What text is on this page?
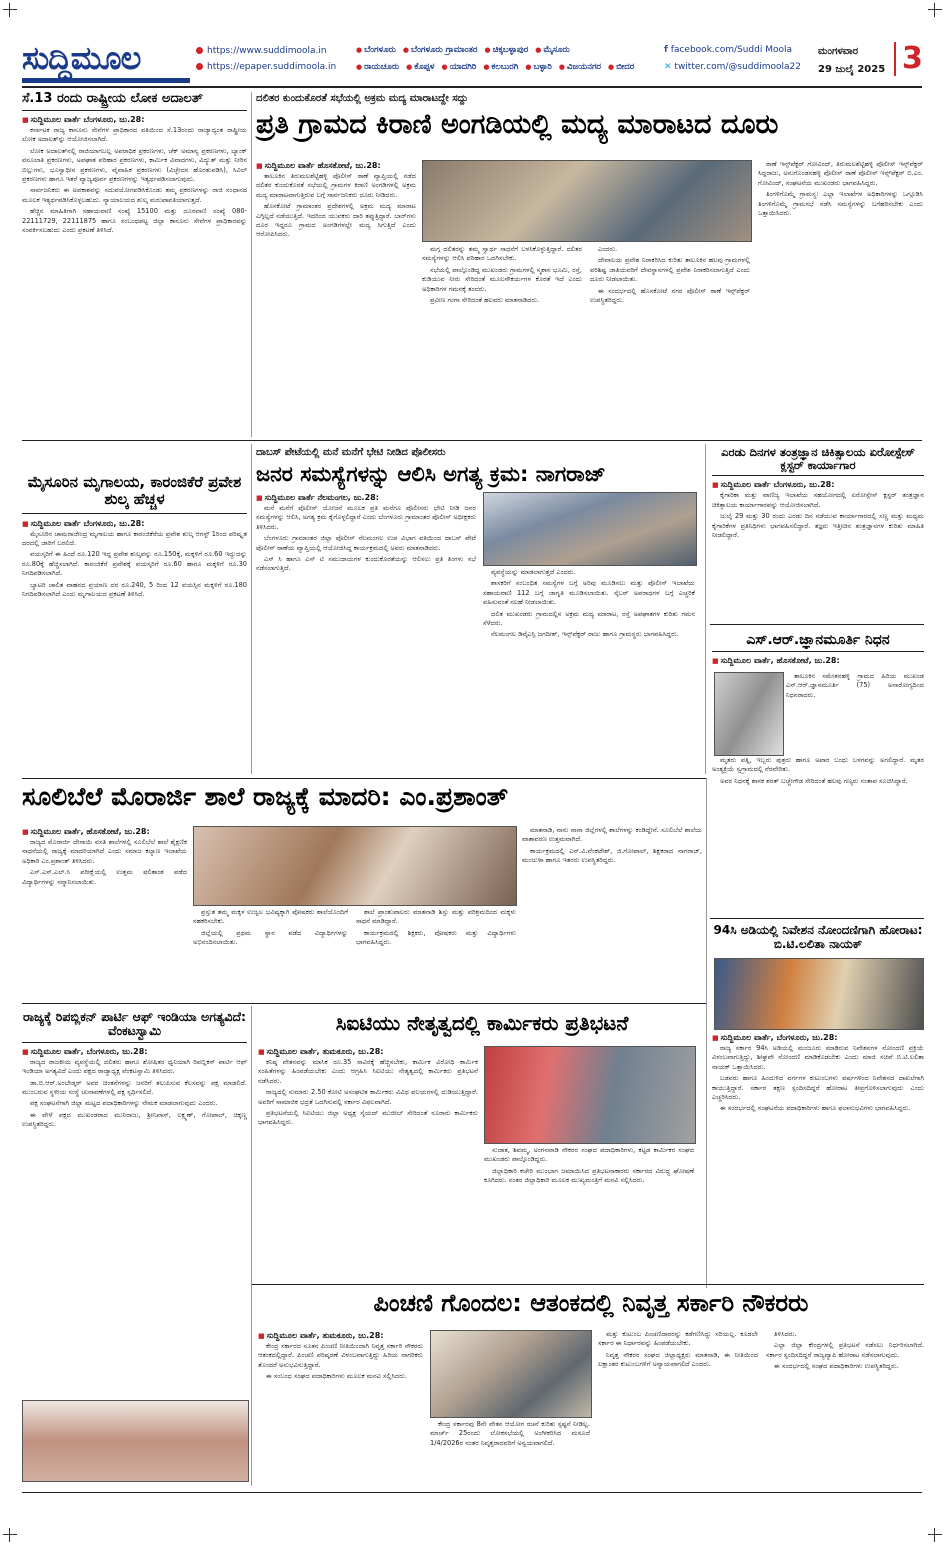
ಸುದ್ದಿಮೂಲ	https://www.suddimoola.in
https://epaper.suddimoola.in
● ಬೆಂಗಳೂರು ● ಬೆಂಗಳೂರು ಗ್ರಾಮಾಂತರ ● ಚಿಕ್ಕಬಳ್ಳಾಪುರ ● ಮೈಸೂರು
● ರಾಯಚೂರು ● ಕೊಪ್ಪಳ ● ಯಾದಗಿರಿ ● ಕಲಬುರಗಿ ● ಬಳ್ಳಾರಿ ● ವಿಜಯನಗರ ● ಬೀದರ
f facebook.com/Suddi Moola
✕ twitter.com/@suddimoola22
ಮಂಗಳವಾರ
29 ಜುಲೈ 2025 3
ಸೆ.13 ರಂದು ರಾಷ್ಟ್ರೀಯ ಲೋಕ ಅದಾಲತ್
■ ಸುದ್ದಿಮೂಲ ವಾರ್ತೆ ಬೆಂಗಳೂರು, ಜು.28:

ಕರ್ನಾಟಕ ರಾಜ್ಯ ಕಾನೂನು ಸೇವೆಗಳ ಪ್ರಾಧಿಕಾರದ ವತಿಯಿಂದ ಸೆ.13ರಂದು ರಾಜ್ಯಾದ್ಯಂತ ರಾಷ್ಟ್ರೀಯ ಲೋಕ ಅದಾಲತ್‌ನ್ನು ಆಯೋಜಿಸಲಾಗಿದೆ.

ಲೋಕ ಅದಾಲತ್‌ನಲ್ಲಿ ರಾಜಿಯಾಗಬಲ್ಲ ಅಪರಾಧಿಕ ಪ್ರಕರಣಗಳು, ಚೆಕ್ ಅಮಾನ್ಯ ಪ್ರಕರಣಗಳು, ಬ್ಯಾಂಕ್ ವಸೂಲಾತಿ ಪ್ರಕರಣಗಳು, ಅಪಘಾತ ಪರಿಹಾರ ಪ್ರಕರಣಗಳು, ಕಾರ್ಮಿಕ ವಿವಾದಗಳು, ವಿದ್ಯುತ್ ಮತ್ತು ನೀರಿನ ಬಿಲ್ಲುಗಳು, ಭೂಸ್ವಾಧೀನ ಪ್ರಕರಣಗಳು, ವೈವಾಹಿಕ ಪ್ರಕರಣಗಳು (ವಿಚ್ಛೇದನ ಹೊರತುಪಡಿಸಿ), ಸಿವಿಲ್ ಪ್ರಕರಣಗಳು ಹಾಗೂ ಇತರೆ ವ್ಯಾಜ್ಯಪೂರ್ವ ಪ್ರಕರಣಗಳನ್ನು ಇತ್ಯರ್ಥಪಡಿಸಲಾಗುವುದು.

ಸಾರ್ವಜನಿಕರು ಈ ಅವಕಾಶವನ್ನು ಸದುಪಯೋಗಪಡಿಸಿಕೊಂಡು ತಮ್ಮ ಪ್ರಕರಣಗಳನ್ನು ರಾಜಿ ಸಂಧಾನದ ಮೂಲಕ ಇತ್ಯರ್ಥಪಡಿಸಿಕೊಳ್ಳಬಹುದು. ನ್ಯಾಯಾಲಯದ ಶುಲ್ಕ ಮರುಪಾವತಿಯಾಗುತ್ತದೆ.

ಹೆಚ್ಚಿನ ಮಾಹಿತಿಗಾಗಿ ಸಹಾಯವಾಣಿ ಸಂಖ್ಯೆ 15100 ಮತ್ತು ದೂರವಾಣಿ ಸಂಖ್ಯೆ 080-22111729, 22111875 ಹಾಗೂ ಸಂಬಂಧಪಟ್ಟ ಜಿಲ್ಲಾ ಕಾನೂನು ಸೇವೆಗಳ ಪ್ರಾಧಿಕಾರವನ್ನು ಸಂಪರ್ಕಿಸಬಹುದು ಎಂದು ಪ್ರಕಟಣೆ ತಿಳಿಸಿದೆ.

ದಲಿತರ ಕುಂದುಕೊರತೆ ಸಭೆಯಲ್ಲಿ ಅಕ್ರಮ ಮದ್ಯ ಮಾರಾಟದ್ದೇ ಸದ್ದು
ಪ್ರತಿ ಗ್ರಾಮದ ಕಿರಾಣಿ ಅಂಗಡಿಯಲ್ಲಿ ಮದ್ಯ ಮಾರಾಟದ ದೂರು
■ ಸುದ್ದಿಮೂಲ ವಾರ್ತೆ ಹೊಸಕೋಟೆ, ಜು.28:

ತಾಲೂಕಿನ ತಿರುಮಲಶೆಟ್ಟಿಹಳ್ಳಿ ಪೊಲೀಸ್ ಠಾಣೆ ವ್ಯಾಪ್ತಿಯಲ್ಲಿ ನಡೆದ ದಲಿತರ ಕುಂದುಕೊರತೆ ಸಭೆಯಲ್ಲಿ ಗ್ರಾಮಗಳ ಕಿರಾಣಿ ಅಂಗಡಿಗಳಲ್ಲಿ ಅಕ್ರಮ ಮದ್ಯ ಮಾರಾಟವಾಗುತ್ತಿರುವ ಬಗ್ಗೆ ಸಾರ್ವಜನಿಕರು ದೂರು ನೀಡಿದರು.

ಹೊಸಕೋಟೆ ಗ್ರಾಮಾಂತರ ಪ್ರದೇಶಗಳಲ್ಲಿ ಅಕ್ರಮ ಮದ್ಯ ಮಾರಾಟ ಎಗ್ಗಿಲ್ಲದೆ ನಡೆಯುತ್ತಿದೆ. ಇದರಿಂದ ಯುವಕರು ದಾರಿ ತಪ್ಪುತ್ತಿದ್ದಾರೆ. ಬಾರ್‌ಗಳು ದೂರ ಇದ್ದರೂ ಗ್ರಾಮದ ಅಂಗಡಿಗಳಲ್ಲೇ ಮದ್ಯ ಸಿಗುತ್ತಿದೆ ಎಂದು ಆರೋಪಿಸಿದರು.

ಮಗ್ಗ ದಲಿತರನ್ನು ತಮ್ಮ ಸ್ವಾರ್ಥ ಸಾಧನೆಗೆ ಬಳಸಿಕೊಳ್ಳುತ್ತಿದ್ದಾರೆ. ದಲಿತರ ಸಮಸ್ಯೆಗಳನ್ನು ಆಲಿಸಿ ಪರಿಹಾರ ಒದಗಿಸಬೇಕು.

ಸಭೆಯಲ್ಲಿ ಪಾಲ್ಗೊಂಡಿದ್ದ ಮುಖಂಡರು ಗ್ರಾಮಗಳಲ್ಲಿ ಸ್ಮಶಾನ ಭೂಮಿ, ರಸ್ತೆ, ಕುಡಿಯುವ ನೀರು ಸೇರಿದಂತೆ ಮೂಲಸೌಕರ್ಯಗಳ ಕೊರತೆ ಇದೆ ಎಂದು ಅಧಿಕಾರಿಗಳ ಗಮನಕ್ಕೆ ತಂದರು.

ಪ್ರವೀಣ ಗಂಗಾ ಸೇರಿದಂತೆ ಹಲವರು ಮಾತನಾಡಿದರು.

ಎಂದರು.

ದೇವಾಲಯ ಪ್ರವೇಶ ನಿರಾಕರಿಸಿದ ಕುರಿತು ತಾಲೂಕಿನ ಹಲವು ಗ್ರಾಮಗಳಲ್ಲಿ ಪರಿಶಿಷ್ಟ ಜಾತಿಯವರಿಗೆ ದೇವಸ್ಥಾನಗಳಲ್ಲಿ ಪ್ರವೇಶ ನಿರಾಕರಿಸಲಾಗುತ್ತಿದೆ ಎಂದು ದೂರು ನೀಡಲಾಯಿತು.

ಈ ಸಂದರ್ಭದಲ್ಲಿ ಹೊಸಕೋಟೆ ನಗರ ಪೊಲೀಸ್ ಠಾಣೆ ಇನ್ಸ್‌ಪೆಕ್ಟರ್ ಉಪಸ್ಥಿತರಿದ್ದರು.

ಠಾಣೆ ಇನ್ಸ್‌ಪೆಕ್ಟರ್ ಗೋವಿಂದ್, ತಿರುಮಲಶೆಟ್ಟಿಹಳ್ಳಿ ಪೊಲೀಸ್ ಇನ್ಸ್‌ಪೆಕ್ಟರ್ ಸಿದ್ದರಾಜು, ಅನುಗೊಂಡನಹಳ್ಳಿ ಪೊಲೀಸ್ ಠಾಣೆ ಪೊಲೀಸ್ ಇನ್ಸ್‌ಪೆಕ್ಟರ್ ಬಿ.ಎಂ. ಗೋವಿಂದ್, ಸಂಘಟನೆಯ ಮುಖಂಡರು ಭಾಗವಹಿಸಿದ್ದರು.

ತಿಂಗಳಿಗೊಮ್ಮೆ ಗ್ರಾಮಸ್ಥ: ಎಲ್ಲಾ ಇಲಾಖೆಗಳ ಅಧಿಕಾರಿಗಳನ್ನು ಒಗ್ಗೂಡಿಸಿ ತಿಂಗಳಿಗೊಮ್ಮೆ ಗ್ರಾಮಸಭೆ ನಡೆಸಿ ಸಮಸ್ಯೆಗಳನ್ನು ಬಗೆಹರಿಸಬೇಕು ಎಂದು ಒತ್ತಾಯಿಸಿದರು.

ಮೈಸೂರಿನ ಮೃಗಾಲಯ, ಕಾರಂಜಿಕೆರೆ ಪ್ರವೇಶ ಶುಲ್ಕ ಹೆಚ್ಚಳ
■ ಸುದ್ದಿಮೂಲ ವಾರ್ತೆ ಬೆಂಗಳೂರು, ಜು.28:

ಮೈಸೂರಿನ ಚಾಮರಾಜೇಂದ್ರ ಮೃಗಾಲಯ ಹಾಗೂ ಕಾರಂಜಿಕೆರೆಯ ಪ್ರವೇಶ ಶುಲ್ಕ ಆಗಸ್ಟ್ 1ರಿಂದ ಪರಿಷ್ಕೃತ ದರದಲ್ಲಿ ಜಾರಿಗೆ ಬರಲಿದೆ.

ವಯಸ್ಕರಿಗೆ ಈ ಹಿಂದೆ ರೂ.120 ಇದ್ದ ಪ್ರವೇಶ ಶುಲ್ಕವನ್ನು ರೂ.150ಕ್ಕೆ, ಮಕ್ಕಳಿಗೆ ರೂ.60 ಇದ್ದುದನ್ನು ರೂ.80ಕ್ಕೆ ಹೆಚ್ಚಿಸಲಾಗಿದೆ. ಕಾರಂಜಿಕೆರೆ ಪ್ರವೇಶಕ್ಕೆ ವಯಸ್ಕರಿಗೆ ರೂ.60 ಹಾಗೂ ಮಕ್ಕಳಿಗೆ ರೂ.30 ನಿಗದಿಪಡಿಸಲಾಗಿದೆ.

ಬ್ಯಾಟರಿ ಚಾಲಿತ ವಾಹನದ ಪ್ರಯಾಣ ದರ ರೂ.240, 5 ರಿಂದ 12 ವಯಸ್ಸಿನ ಮಕ್ಕಳಿಗೆ ರೂ.180 ನಿಗದಿಪಡಿಸಲಾಗಿದೆ ಎಂದು ಮೃಗಾಲಯದ ಪ್ರಕಟಣೆ ತಿಳಿಸಿದೆ.

ದಾಬಸ್ ಪೇಟೆಯಲ್ಲಿ ಮನೆ ಮನೆಗೆ ಭೇಟಿ ನೀಡಿದ ಪೊಲೀಸರು
ಜನರ ಸಮಸ್ಯೆಗಳನ್ನು ಆಲಿಸಿ ಅಗತ್ಯ ಕ್ರಮ: ನಾಗರಾಜ್
■ ಸುದ್ದಿಮೂಲ ವಾರ್ತೆ ನೆಲಮಂಗಲ, ಜು.28:

ಮನೆ ಮನೆಗೆ ಪೊಲೀಸ್ ಯೋಜನೆ ಮೂಲಕ ಪ್ರತಿ ಮನೆಗೂ ಪೊಲೀಸರು ಭೇಟಿ ನೀಡಿ ಜನರ ಸಮಸ್ಯೆಗಳನ್ನು ಆಲಿಸಿ, ಅಗತ್ಯ ಕ್ರಮ ಕೈಗೊಳ್ಳಲಿದ್ದಾರೆ ಎಂದು ಬೆಂಗಳೂರು ಗ್ರಾಮಾಂತರ ಪೊಲೀಸ್ ಅಧೀಕ್ಷಕರು ತಿಳಿಸಿದರು.

ಬೆಂಗಳೂರು ಗ್ರಾಮಾಂತರ ಜಿಲ್ಲಾ ಪೊಲೀಸ್ ನೆಲಮಂಗಲ ಉಪ ವಿಭಾಗ ವತಿಯಿಂದ ದಾಬಸ್ ಪೇಟೆ ಪೊಲೀಸ್ ಠಾಣೆಯ ವ್ಯಾಪ್ತಿಯಲ್ಲಿ ಆಯೋಜಿಸಿದ್ದ ಕಾರ್ಯಕ್ರಮದಲ್ಲಿ ಅವರು ಮಾತನಾಡಿದರು.

ಎಸ್ ಸಿ ಹಾಗೂ ಎಸ್ ಟಿ ಸಮುದಾಯಗಳ ಕುಂದುಕೊರತೆಯನ್ನು ಆಲಿಸಲು ಪ್ರತಿ ತಿಂಗಳು ಸಭೆ ನಡೆಸಲಾಗುತ್ತಿದೆ.	ವ್ಯವಸ್ಥೆಯನ್ನು ಮಾಡಲಾಗುತ್ತದೆ ಎಂದರು.

ಶಾಸಕರಿಗೆ ಸಂಬಂಧಿತ ಸಮಸ್ಯೆಗಳ ಬಗ್ಗೆ ಅರಿವು ಮೂಡಿಸಲು ಮತ್ತು ಪೊಲೀಸ್ ಇಲಾಖೆಯ ಸಹಾಯವಾಣಿ 112 ಬಗ್ಗೆ ಜಾಗೃತಿ ಮೂಡಿಸಲಾಯಿತು. ಸೈಬರ್ ಅಪರಾಧಗಳ ಬಗ್ಗೆ ಎಚ್ಚರಿಕೆ ವಹಿಸುವಂತೆ ಸಲಹೆ ನೀಡಲಾಯಿತು.

ದಲಿತ ಮುಖಂಡರು ಗ್ರಾಮದಲ್ಲಿನ ಅಕ್ರಮ ಮದ್ಯ ಮಾರಾಟ, ರಸ್ತೆ ಅಪಘಾತಗಳ ಕುರಿತು ಗಮನ ಸೆಳೆದರು.

ನೆಲಮಂಗಲ ಡಿವೈಎಸ್ಪಿ ಜಗದೀಶ್, ಇನ್ಸ್‌ಪೆಕ್ಟರ್ ರಾಜು ಹಾಗೂ ಗ್ರಾಮಸ್ಥರು ಭಾಗವಹಿಸಿದ್ದರು.

ಎರಡು ದಿನಗಳ ತಂತ್ರಜ್ಞಾನ ಚಿಕಿತ್ಸಾಲಯ ಏರೋಸ್ಪೇಸ್ ಕ್ಲಸ್ಟರ್ ಕಾರ್ಯಾಗಾರ
■ ಸುದ್ದಿಮೂಲ ವಾರ್ತೆ ಬೆಂಗಳೂರು, ಜು.28:

ಕೈಗಾರಿಕಾ ಮತ್ತು ವಾಣಿಜ್ಯ ಇಲಾಖೆಯ ಸಹಯೋಗದಲ್ಲಿ ಏರೋಸ್ಪೇಸ್ ಕ್ಲಸ್ಟರ್ ತಂತ್ರಜ್ಞಾನ ಚಿಕಿತ್ಸಾಲಯ ಕಾರ್ಯಾಗಾರವನ್ನು ಆಯೋಜಿಸಲಾಗಿದೆ.

ಜುಲೈ 29 ಮತ್ತು 30 ರಂದು ಎರಡು ದಿನ ನಡೆಯುವ ಕಾರ್ಯಾಗಾರದಲ್ಲಿ ಸಣ್ಣ ಮತ್ತು ಮಧ್ಯಮ ಕೈಗಾರಿಕೆಗಳ ಪ್ರತಿನಿಧಿಗಳು ಭಾಗವಹಿಸಲಿದ್ದಾರೆ. ತಜ್ಞರು ಇತ್ತೀಚಿನ ತಂತ್ರಜ್ಞಾನಗಳ ಕುರಿತು ಮಾಹಿತಿ ನೀಡಲಿದ್ದಾರೆ.

ಎಸ್.ಆರ್.ಜ್ಞಾನಮೂರ್ತಿ ನಿಧನ
■ ಸುದ್ದಿಮೂಲ ವಾರ್ತೆ, ಹೊಸಕೋಟೆ, ಜು.28:

ತಾಲೂಕಿನ ಸಮೇತನಹಳ್ಳಿ ಗ್ರಾಮದ ಹಿರಿಯ ಮುಖಂಡ ಎಸ್.ಆರ್.ಜ್ಞಾನಮೂರ್ತಿ (75) ಅನಾರೋಗ್ಯದಿಂದ ನಿಧನರಾದರು.

ಮೃತರು ಪತ್ನಿ, ಇಬ್ಬರು ಪುತ್ರರು ಹಾಗೂ ಅಪಾರ ಬಂಧು ಬಳಗವನ್ನು ಅಗಲಿದ್ದಾರೆ. ಮೃತರ ಅಂತ್ಯಕ್ರಿಯೆ ಸ್ವಗ್ರಾಮದಲ್ಲಿ ನೆರವೇರಿತು.

ಅವರ ನಿಧನಕ್ಕೆ ಶಾಸಕ ಶರತ್ ಬಚ್ಚೇಗೌಡ ಸೇರಿದಂತೆ ಹಲವು ಗಣ್ಯರು ಸಂತಾಪ ಸೂಚಿಸಿದ್ದಾರೆ.

ಸೂಲಿಬೆಲೆ ಮೊರಾರ್ಜಿ ಶಾಲೆ ರಾಜ್ಯಕ್ಕೆ ಮಾದರಿ: ಎಂ.ಪ್ರಶಾಂತ್
■ ಸುದ್ದಿಮೂಲ ವಾರ್ತೆ, ಹೊಸಕೋಟೆ, ಜು.28:

ರಾಜ್ಯದ ಮೊರಾರ್ಜಿ ದೇಸಾಯಿ ವಸತಿ ಶಾಲೆಗಳಲ್ಲಿ ಸೂಲಿಬೆಲೆ ಶಾಲೆ ಶೈಕ್ಷಣಿಕ ಸಾಧನೆಯಲ್ಲಿ ರಾಜ್ಯಕ್ಕೆ ಮಾದರಿಯಾಗಿದೆ ಎಂದು ಸಮಾಜ ಕಲ್ಯಾಣ ಇಲಾಖೆಯ ಅಧಿಕಾರಿ ಎಂ.ಪ್ರಶಾಂತ್ ತಿಳಿಸಿದರು.

ಎಸ್.ಎಸ್.ಎಲ್.ಸಿ ಪರೀಕ್ಷೆಯಲ್ಲಿ ಉತ್ತಮ ಫಲಿತಾಂಶ ಪಡೆದ ವಿದ್ಯಾರ್ಥಿಗಳನ್ನು ಸನ್ಮಾನಿಸಲಾಯಿತು.

ಪ್ರಸ್ತುತ ತಮ್ಮ ಮಕ್ಕಳ ಉಜ್ವಲ ಭವಿಷ್ಯಕ್ಕಾಗಿ ಪೋಷಕರು ಶಾಲೆಯೊಂದಿಗೆ ಸಹಕರಿಸಬೇಕು.

ಜಿಲ್ಲೆಯಲ್ಲಿ ಪ್ರಥಮ ಸ್ಥಾನ ಪಡೆದ ವಿದ್ಯಾರ್ಥಿಗಳನ್ನು ಅಭಿನಂದಿಸಲಾಯಿತು.

ಶಾಲೆ ಪ್ರಾಂಶುಪಾಲರು ಮಾತನಾಡಿ ಶಿಸ್ತು ಮತ್ತು ಪರಿಶ್ರಮದಿಂದ ಮಕ್ಕಳು ಸಾಧನೆ ಮಾಡಿದ್ದಾರೆ.

ಕಾರ್ಯಕ್ರಮದಲ್ಲಿ ಶಿಕ್ಷಕರು, ಪೋಷಕರು ಮತ್ತು ವಿದ್ಯಾರ್ಥಿಗಳು ಭಾಗವಹಿಸಿದ್ದರು.

ಮಾತನಾಡಿ, ನಾನು ನಾನಾ ಜಿಲ್ಲೆಗಳಲ್ಲಿ ಶಾಲೆಗಳನ್ನು ಕಂಡಿದ್ದೇನೆ. ಸೂಲಿಬೆಲೆ ಶಾಲೆಯ ವಾತಾವರಣ ಉತ್ತಮವಾಗಿದೆ.

ಕಾರ್ಯಕ್ರಮದಲ್ಲಿ ಎಸ್.ವಿ.ವೆಂಕಟೇಶ್, ಜಿ.ಗೋಪಾಲ್, ಶಿಕ್ಷಕರಾದ ನಾಗರಾಜ್, ಮಂಜುಳಾ ಹಾಗೂ ಇತರರು ಉಪಸ್ಥಿತರಿದ್ದರು.

94ಸಿ ಅಡಿಯಲ್ಲಿ ನಿವೇಶನ ನೋಂದಣಿಗಾಗಿ ಹೋರಾಟ: ಬಿ.ಟಿ.ಲಲಿತಾ ನಾಯಕ್
■ ಸುದ್ದಿಮೂಲ ವಾರ್ತೆ, ಬೆಂಗಳೂರು, ಜು.28:

ರಾಜ್ಯ ಸರ್ಕಾರ 94ಸಿ ಅಡಿಯಲ್ಲಿ ಮಂಜೂರು ಮಾಡಿರುವ ನಿವೇಶನಗಳ ನೋಂದಣಿ ಪ್ರಕ್ರಿಯೆ ವಿಳಂಬವಾಗುತ್ತಿದ್ದು, ಶೀಘ್ರವೇ ನೋಂದಣಿ ಮಾಡಿಕೊಡಬೇಕು ಎಂದು ಮಾಜಿ ಸಚಿವೆ ಬಿ.ಟಿ.ಲಲಿತಾ ನಾಯಕ್ ಒತ್ತಾಯಿಸಿದರು.

ಬಡವರು ಹಾಗೂ ಹಿಂದುಳಿದ ವರ್ಗಗಳ ಕುಟುಂಬಗಳು ವರ್ಷಗಳಿಂದ ನಿವೇಶನದ ದಾಖಲೆಗಾಗಿ ಕಾಯುತ್ತಿದ್ದಾರೆ. ಸರ್ಕಾರ ತಕ್ಷಣ ಸ್ಪಂದಿಸದಿದ್ದರೆ ಹೋರಾಟ ತೀವ್ರಗೊಳಿಸಲಾಗುವುದು ಎಂದು ಎಚ್ಚರಿಸಿದರು.

ಈ ಸಂದರ್ಭದಲ್ಲಿ ಸಂಘಟನೆಯ ಪದಾಧಿಕಾರಿಗಳು ಹಾಗೂ ಫಲಾನುಭವಿಗಳು ಭಾಗವಹಿಸಿದ್ದರು.

ರಾಜ್ಯಕ್ಕೆ ರಿಪಬ್ಲಿಕನ್ ಪಾರ್ಟಿ ಆಫ್ ಇಂಡಿಯಾ ಅಗತ್ಯವಿದೆ: ವೆಂಕಟಸ್ವಾಮಿ
■ ಸುದ್ದಿಮೂಲ ವಾರ್ತೆ, ಬೆಂಗಳೂರು, ಜು.28:

ರಾಜ್ಯದ ರಾಜಕೀಯ ವ್ಯವಸ್ಥೆಯಲ್ಲಿ ದಲಿತರು ಹಾಗೂ ಶೋಷಿತರ ಧ್ವನಿಯಾಗಿ ರಿಪಬ್ಲಿಕನ್ ಪಾರ್ಟಿ ಆಫ್ ಇಂಡಿಯಾ ಅಗತ್ಯವಿದೆ ಎಂದು ಪಕ್ಷದ ರಾಜ್ಯಾಧ್ಯಕ್ಷ ವೆಂಕಟಸ್ವಾಮಿ ತಿಳಿಸಿದರು.

ಡಾ.ಬಿ.ಆರ್.ಅಂಬೇಡ್ಕರ್ ಅವರ ಚಿಂತನೆಗಳನ್ನು ಜನರಿಗೆ ತಲುಪಿಸುವ ಕೆಲಸವನ್ನು ಪಕ್ಷ ಮಾಡಲಿದೆ. ಮುಂಬರುವ ಸ್ಥಳೀಯ ಸಂಸ್ಥೆ ಚುನಾವಣೆಗಳಲ್ಲಿ ಪಕ್ಷ ಸ್ಪರ್ಧಿಸಲಿದೆ.

ಪಕ್ಷ ಸಂಘಟನೆಗಾಗಿ ಜಿಲ್ಲಾ ಮಟ್ಟದ ಪದಾಧಿಕಾರಿಗಳನ್ನು ನೇಮಕ ಮಾಡಲಾಗುವುದು ಎಂದರು.

ಈ ವೇಳೆ ಪಕ್ಷದ ಮುಖಂಡರಾದ ಮುನಿರಾಜು, ಶ್ರೀನಿವಾಸ್, ಲಕ್ಷ್ಮಣ್, ಗೋಪಾಲ್, ಚಿಕ್ಕಣ್ಣ ಉಪಸ್ಥಿತರಿದ್ದರು.

ಸಿಐಟಿಯು ನೇತೃತ್ವದಲ್ಲಿ ಕಾರ್ಮಿಕರು ಪ್ರತಿಭಟನೆ
■ ಸುದ್ದಿಮೂಲ ವಾರ್ತೆ, ತುಮಕೂರು, ಜು.28:

ಕನಿಷ್ಠ ವೇತನವನ್ನು ಮಾಸಿಕ ರೂ.35 ಸಾವಿರಕ್ಕೆ ಹೆಚ್ಚಿಸಬೇಕು, ಕಾರ್ಮಿಕ ವಿರೋಧಿ ಕಾರ್ಮಿಕ ಸಂಹಿತೆಗಳನ್ನು ಹಿಂಪಡೆಯಬೇಕು ಎಂದು ಆಗ್ರಹಿಸಿ ಸಿಐಟಿಯು ನೇತೃತ್ವದಲ್ಲಿ ಕಾರ್ಮಿಕರು ಪ್ರತಿಭಟನೆ ನಡೆಸಿದರು.

ರಾಜ್ಯದಲ್ಲಿ ಸುಮಾರು 2.50 ಕೋಟಿ ಅಸಂಘಟಿತ ಕಾರ್ಮಿಕರು ವಿವಿಧ ವಲಯಗಳಲ್ಲಿ ದುಡಿಯುತ್ತಿದ್ದಾರೆ. ಅವರಿಗೆ ಸಾಮಾಜಿಕ ಭದ್ರತೆ ಒದಗಿಸುವಲ್ಲಿ ಸರ್ಕಾರ ವಿಫಲವಾಗಿದೆ.

ಪ್ರತಿಭಟನೆಯಲ್ಲಿ ಸಿಐಟಿಯು ಜಿಲ್ಲಾ ಅಧ್ಯಕ್ಷ ಸೈಯದ್ ಮುಜೀಬ್ ಸೇರಿದಂತೆ ನೂರಾರು ಕಾರ್ಮಿಕರು ಭಾಗವಹಿಸಿದ್ದರು.

ಸುಜಾತ, ಶಿವಮ್ಮ, ಅಂಗನವಾಡಿ ನೌಕರರ ಸಂಘದ ಪದಾಧಿಕಾರಿಗಳು, ಕಟ್ಟಡ ಕಾರ್ಮಿಕರ ಸಂಘದ ಮುಖಂಡರು ಪಾಲ್ಗೊಂಡಿದ್ದರು.

ಜಿಲ್ಲಾಧಿಕಾರಿ ಕಚೇರಿ ಮುಂಭಾಗ ಜಮಾಯಿಸಿದ ಪ್ರತಿಭಟನಾಕಾರರು ಸರ್ಕಾರದ ವಿರುದ್ಧ ಘೋಷಣೆ ಕೂಗಿದರು. ನಂತರ ಜಿಲ್ಲಾಧಿಕಾರಿ ಮೂಲಕ ಮುಖ್ಯಮಂತ್ರಿಗೆ ಮನವಿ ಸಲ್ಲಿಸಿದರು.

ಪಿಂಚಣಿ ಗೊಂದಲ: ಆತಂಕದಲ್ಲಿ ನಿವೃತ್ತ ಸರ್ಕಾರಿ ನೌಕರರು
■ ಸುದ್ದಿಮೂಲ ವಾರ್ತೆ, ತುಮಕೂರು, ಜು.28:

ಕೇಂದ್ರ ಸರ್ಕಾರದ ನೂತನ ಪಿಂಚಣಿ ನೀತಿಯಿಂದಾಗಿ ನಿವೃತ್ತ ಸರ್ಕಾರಿ ನೌಕರರು ಆತಂಕದಲ್ಲಿದ್ದಾರೆ. ಪಿಂಚಣಿ ಪರಿಷ್ಕರಣೆ ವಿಳಂಬವಾಗುತ್ತಿದ್ದು ಹಿರಿಯ ನಾಗರಿಕರು ತೊಂದರೆ ಅನುಭವಿಸುತ್ತಿದ್ದಾರೆ.

ಈ ಸಂಬಂಧ ಸಂಘದ ಪದಾಧಿಕಾರಿಗಳು ಮೂಲಕ ಮನವಿ ಸಲ್ಲಿಸಿದರು.

ಕೇಂದ್ರ ಸರ್ಕಾರವು 8ನೇ ವೇತನ ಆಯೋಗ ರಚನೆ ಕುರಿತು ಸ್ಪಷ್ಟನೆ ನೀಡಿಲ್ಲ. ಮಾರ್ಚ್ 25ರಂದು ಲೋಕಸಭೆಯಲ್ಲಿ ಅಂಗೀಕರಿಸಿದ ಮಸೂದೆ 1/4/2026ರ ನಂತರ ನಿವೃತ್ತರಾದವರಿಗೆ ಅನ್ವಯವಾಗಲಿದೆ.

ಮತ್ತು ಕುಟುಂಬ ಪಿಂಚಣಿದಾರರನ್ನು ಕಡೆಗಣಿಸಿದ್ದು ಸರಿಯಲ್ಲ. ಕೂಡಲೇ ಸರ್ಕಾರ ಈ ನಿರ್ಧಾರವನ್ನು ಹಿಂಪಡೆಯಬೇಕು.

ನಿವೃತ್ತ ನೌಕರರ ಸಂಘದ ಜಿಲ್ಲಾಧ್ಯಕ್ಷರು ಮಾತನಾಡಿ, ಈ ನೀತಿಯಿಂದ ಲಕ್ಷಾಂತರ ಕುಟುಂಬಗಳಿಗೆ ಅನ್ಯಾಯವಾಗಲಿದೆ ಎಂದರು.

ತಿಳಿಸಿದರು.

ಎಲ್ಲಾ ಜಿಲ್ಲಾ ಕೇಂದ್ರಗಳಲ್ಲಿ ಪ್ರತಿಭಟನೆ ನಡೆಸಲು ನಿರ್ಧರಿಸಲಾಗಿದೆ. ಸರ್ಕಾರ ಸ್ಪಂದಿಸದಿದ್ದರೆ ರಾಜ್ಯವ್ಯಾಪಿ ಹೋರಾಟ ನಡೆಸಲಾಗುವುದು.

ಈ ಸಂದರ್ಭದಲ್ಲಿ ಸಂಘದ ಪದಾಧಿಕಾರಿಗಳು ಉಪಸ್ಥಿತರಿದ್ದರು.
